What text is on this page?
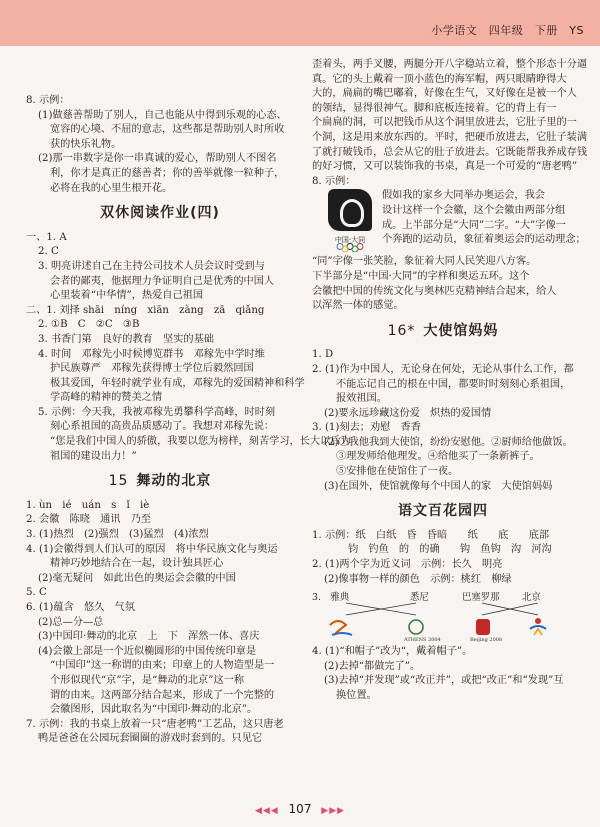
小学语文　四年级　下册　YS
8. 示例：
(1)做慈善帮助了别人，自己也能从中得到乐观的心态、
宽容的心境、不屈的意志，这些都是帮助别人时所收
获的快乐礼物。
(2)那一串数字是你一串真诚的爱心，帮助别人不图名
利，你才是真正的慈善者；你的善举就像一粒种子，
必将在我的心里生根开花。
双休阅读作业(四)
一、1. A
2. C
3. 明亮讲述自己在主持公司技术人员会议时受到与
会者的鄙夷，他据理力争证明自己是优秀的中国人
心里装着“中华情”，热爱自己祖国
二、1. 刘择 shāi　níng　xiān　zàng　zā　qiǎng
2. ①B　C　②C　③B
3. 书香门第　良好的教育　坚实的基础
4. 时间　邓稼先小时候博览群书　邓稼先中学时维
护民族尊严　邓稼先获得博士学位后毅然回国
极其爱国，年轻时就学业有成，邓稼先的爱国精神和科学
学高峰的精神的赞美之情
5. 示例：今天我，我被邓稼先勇攀科学高峰，时时刻
刻心系祖国的高贵品质感动了。我想对邓稼先说：
“您是我们中国人的骄傲，我要以您为榜样，刻苦学习，长大以后为
祖国的建设出力！”
15 舞动的北京
1. ùn　ié　uán　s　ǐ　iè
2. 会徽　陈晓　通讯　乃至
3. (1)热烈　(2)强烈　(3)猛烈　(4)浓烈
4. (1)会徽得到人们认可的原因　将中华民族文化与奥运
精神巧妙地结合在一起，设计独具匠心
(2)毫无疑问　如此出色的奥运会会徽的中国
5. C
6. (1)蕴含　悠久　气氛
(2)总—分—总
(3)中国印·舞动的北京　上　下　浑然一体、喜庆
(4)会徽上部是一个近似椭圆形的中国传统印章是
“中国印”这一称谓的由来；印章上的人物造型是一
个形似现代“京”字，是“舞动的北京”这一称
谓的由来。这两部分结合起来，形成了一个完整的
会徽图形，因此取名为“中国印·舞动的北京”。
7. 示例：我的书桌上放着一只“唐老鸭”工艺品，这只唐老
鸭是爸爸在公园玩套圈圈的游戏时套到的。只见它
歪着头，两手叉腰，两腿分开八字稳站立着，整个形态十分逼
真。它的头上戴着一顶小蓝色的海军帽，两只眼睛睁得大
大的，扁扁的嘴巴嘟着，好像在生气，又好像在是被一个人
的领结，显得很神气。脚和底板连接着。它的背上有一
个扁扁的洞，可以把钱币从这个洞里放进去，它肚子里的一
个洞，这是用来放东西的。平时，把硬币放进去，它肚子装满
了就打破钱币，总会从它的肚子放进去。它既能帮我养成存钱
的好习惯，又可以装饰我的书桌，真是一个可爱的“唐老鸭”
8. 示例：
中国·大同
假如我的家乡大同举办奥运会，我会
设计这样一个会徽，这个会徽由两部分组
成。上半部分是“大同”二字。“大”字像一
个奔跑的运动员，象征着奥运会的运动理念；
“同”字像一张笑脸，象征着大同人民笑迎八方客。
下半部分是“中国·大同”的字样和奥运五环。这个
会徽把中国的传统文化与奥林匹克精神结合起来，给人
以浑然一体的感觉。
16* 大使馆妈妈
1. D
2. (1)作为中国人，无论身在何处，无论从事什么工作，都
不能忘记自己的根在中国，都要时时刻刻心系祖国，
报效祖国。
(2)要永远珍藏这份爱　炽热的爱国情
3. (1)刻去；劝慰　香香
(2)①我他我到大使馆，纷纷安慰他。②厨师给他做饭。
③理发师给他理发。④给他买了一条新裤子。
⑤安排他在使馆住了一夜。
(3)在国外，使馆就像每个中国人的家　大使馆妈妈
语文百花园四
1. 示例：纸　白纸　昏　昏暗　　纸　　底　　底部
钧　钓鱼　的　的确　　钩　鱼钩　沟　河沟
2. (1)两个字为近义词　示例：长久　明亮
(2)像事物一样的颜色　示例：桃红　柳绿
3.　雅典	悉尼	巴塞罗那 北京
ATHENS 2004	Beijing 2008
4. (1)“和帽子”改为“，戴着帽子”。
(2)去掉“都做完了”。
(3)去掉“并发现”或“改正并”，或把“改正”和“发现”互
换位置。
◀◀◀ 107 ▶▶▶
